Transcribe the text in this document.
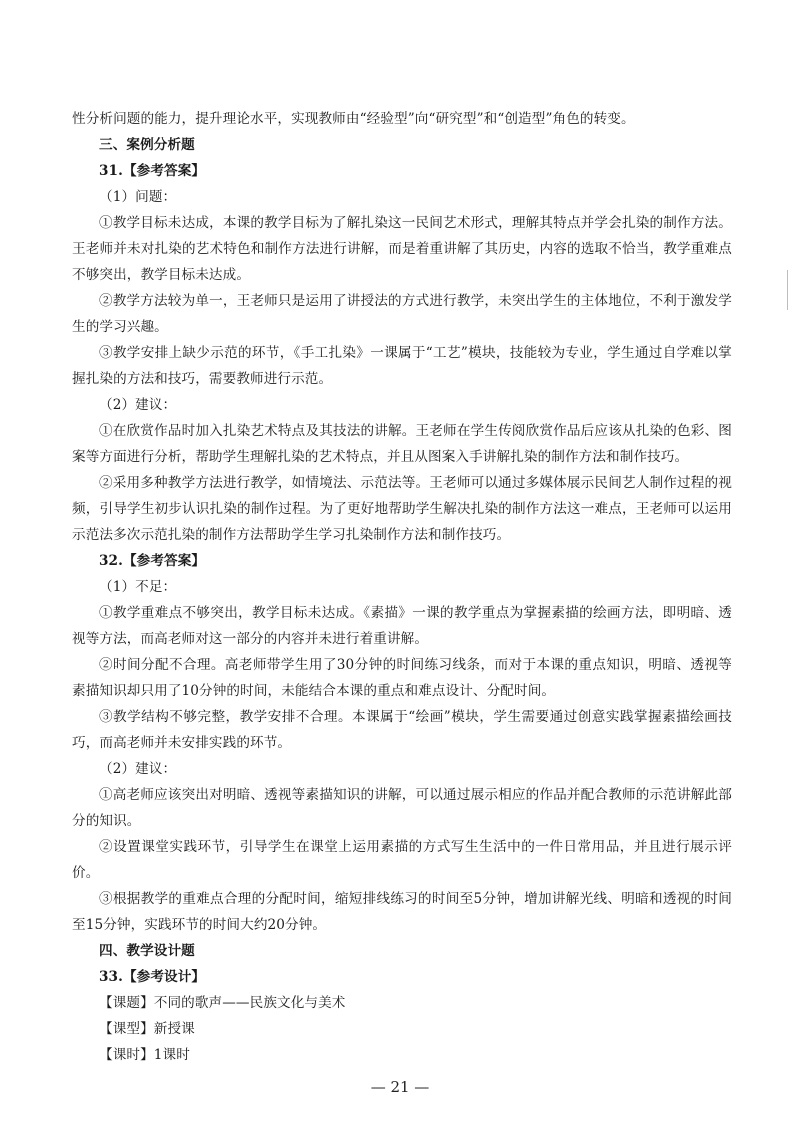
性分析问题的能力，提升理论水平，实现教师由“经验型”向“研究型”和“创造型”角色的转变。

三、案例分析题

31.【参考答案】

（1）问题：

①教学目标未达成，本课的教学目标为了解扎染这一民间艺术形式，理解其特点并学会扎染的制作方法。王老师并未对扎染的艺术特色和制作方法进行讲解，而是着重讲解了其历史，内容的选取不恰当，教学重难点不够突出，教学目标未达成。

②教学方法较为单一，王老师只是运用了讲授法的方式进行教学，未突出学生的主体地位，不利于激发学生的学习兴趣。

③教学安排上缺少示范的环节，《手工扎染》一课属于“工艺”模块，技能较为专业，学生通过自学难以掌握扎染的方法和技巧，需要教师进行示范。

（2）建议：

①在欣赏作品时加入扎染艺术特点及其技法的讲解。王老师在学生传阅欣赏作品后应该从扎染的色彩、图案等方面进行分析，帮助学生理解扎染的艺术特点，并且从图案入手讲解扎染的制作方法和制作技巧。

②采用多种教学方法进行教学，如情境法、示范法等。王老师可以通过多媒体展示民间艺人制作过程的视频，引导学生初步认识扎染的制作过程。为了更好地帮助学生解决扎染的制作方法这一难点，王老师可以运用示范法多次示范扎染的制作方法帮助学生学习扎染制作方法和制作技巧。

32.【参考答案】

（1）不足：

①教学重难点不够突出，教学目标未达成。《素描》一课的教学重点为掌握素描的绘画方法，即明暗、透视等方法，而高老师对这一部分的内容并未进行着重讲解。

②时间分配不合理。高老师带学生用了30分钟的时间练习线条，而对于本课的重点知识，明暗、透视等素描知识却只用了10分钟的时间，未能结合本课的重点和难点设计、分配时间。

③教学结构不够完整，教学安排不合理。本课属于“绘画”模块，学生需要通过创意实践掌握素描绘画技巧，而高老师并未安排实践的环节。

（2）建议：

①高老师应该突出对明暗、透视等素描知识的讲解，可以通过展示相应的作品并配合教师的示范讲解此部分的知识。

②设置课堂实践环节，引导学生在课堂上运用素描的方式写生生活中的一件日常用品，并且进行展示评价。

③根据教学的重难点合理的分配时间，缩短排线练习的时间至5分钟，增加讲解光线、明暗和透视的时间至15分钟，实践环节的时间大约20分钟。

四、教学设计题

33.【参考设计】

【课题】不同的歌声——民族文化与美术

【课型】新授课

【课时】1课时

— 21 —
